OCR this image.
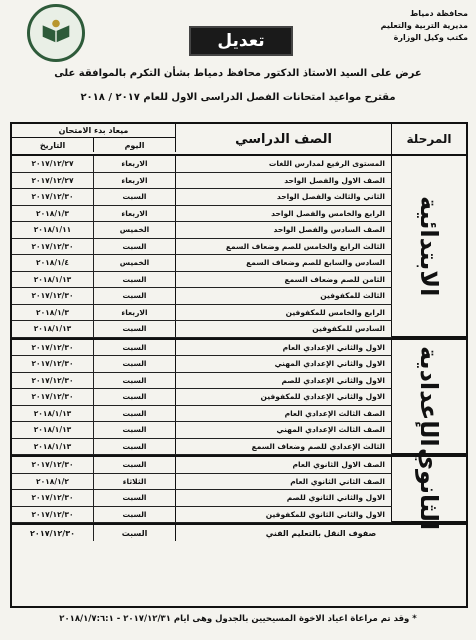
محافظة دمياط
مديرية التربية والتعليم
مكتب وكيل الوزارة
تعديل
عرض على السيد الاستاذ الدكتور محافظ دمياط بشأن التكرم بالموافقة على
مقترح مواعيد امتحانات الفصل الدراسى الاول للعام ٢٠١٧ / ٢٠١٨
ميعاد بدء الامتحان
التاريخ	اليوم	الصف الدراسي	المرحلة
٢٠١٧/١٢/٢٧	الاربعاء	المستوى الرفيع لمدارس اللغات
٢٠١٧/١٢/٢٧	الاربعاء	الصف الاول والفصل الواحد
٢٠١٧/١٢/٣٠	السبت	الثاني والثالث والفصل الواحد
٢٠١٨/١/٣	الاربعاء	الرابع والخامس والفصل الواحد
٢٠١٨/١/١١	الخميس	الصف السادس والفصل الواحد
٢٠١٧/١٢/٣٠	السبت	الثالث الرابع والخامس للصم وضعاف السمع
٢٠١٨/١/٤	الخميس	السادس والسابع للصم وضعاف السمع
٢٠١٨/١/١٣	السبت	الثامن للصم وضعاف السمع
٢٠١٧/١٢/٣٠	السبت	الثالث للمكفوفين
٢٠١٨/١/٣	الاربعاء	الرابع والخامس للمكفوفين
٢٠١٨/١/١٣	السبت	السادس للمكفوفين
الابتدائية
٢٠١٧/١٢/٣٠	السبت	الاول والثاني الإعدادي العام
٢٠١٧/١٢/٣٠	السبت	الاول والثاني الإعدادي المهني
٢٠١٧/١٢/٣٠	السبت	الاول والثاني الإعدادي للصم
٢٠١٧/١٢/٣٠	السبت	الاول والثاني الإعدادي للمكفوفين
٢٠١٨/١/١٣	السبت	الصف الثالث الإعدادي العام
٢٠١٨/١/١٣	السبت	الصف الثالث الإعدادي المهني
٢٠١٨/١/١٣	السبت	الثالث الإعدادي للصم وضعاف السمع الإعدادية
٢٠١٧/١٢/٣٠	السبت	الصف الاول الثانوي العام
٢٠١٨/١/٢	الثلاثاء	الصف الثاني الثانوي العام
٢٠١٧/١٢/٣٠	السبت	الاول والثاني الثانوي للصم
٢٠١٧/١٢/٣٠	السبت	الاول والثاني الثانوي للمكفوفين الثانوي
٢٠١٧/١٢/٣٠	السبت	صفوف النقل بالتعليم الفني
* وقد تم مراعاة اعياد الاخوة المسيحيين بالجدول وهى ايام ٢٠١٧/١٢/٣١ - ٢٠١٨/١/٧:٦:١
